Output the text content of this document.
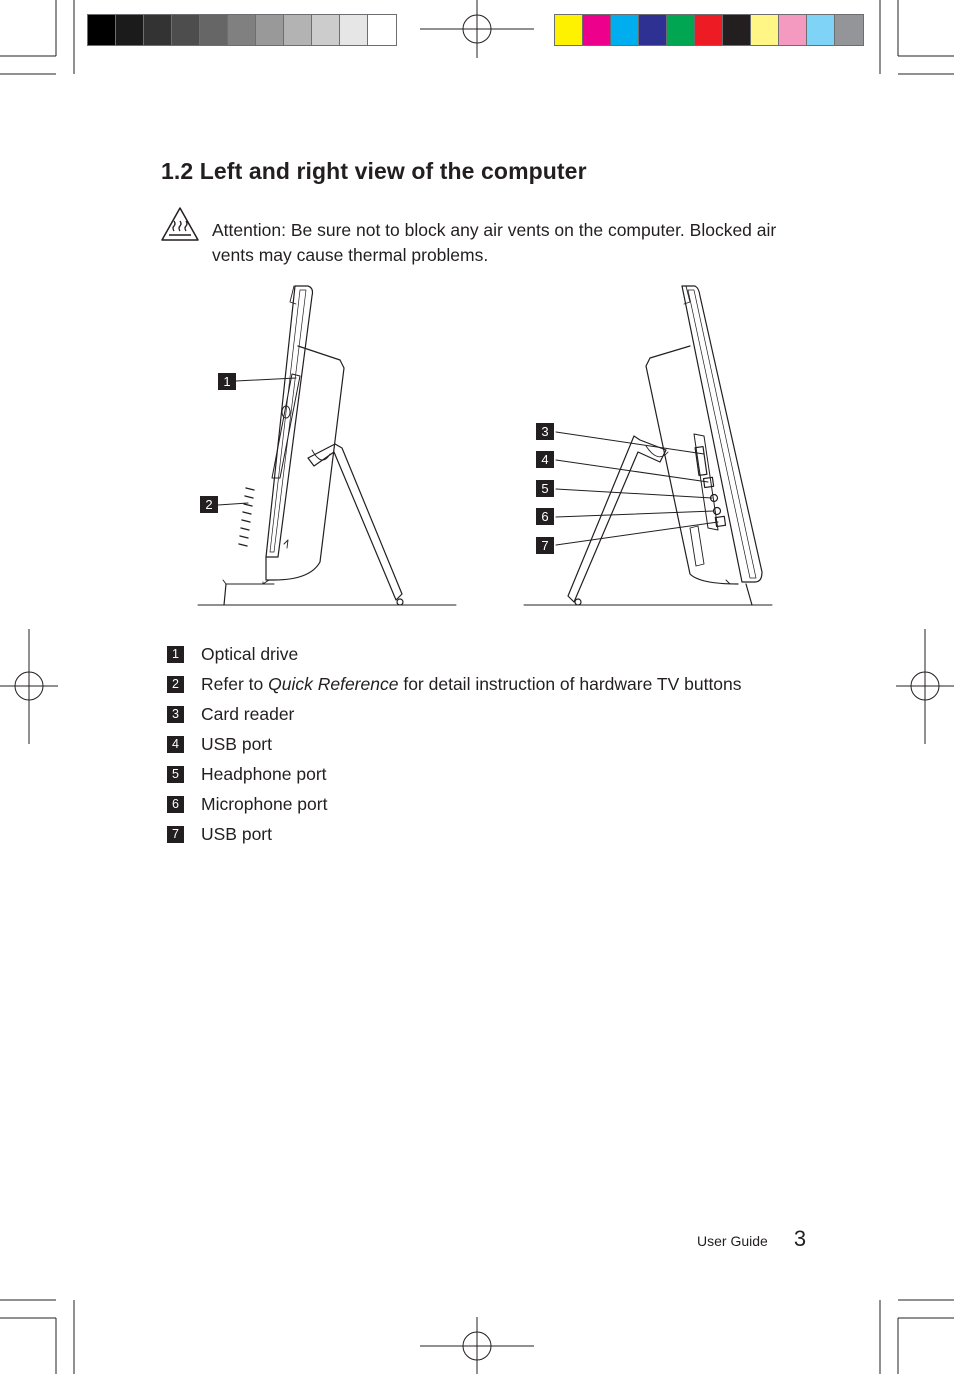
1.2 Left and right view of the computer

Attention: Be sure not to block any air vents on the computer. Blocked air vents may cause thermal problems.

1
2
3
4
5
6
7
1 Optical drive
2 Refer to Quick Reference for detail instruction of hardware TV buttons
3 Card reader
4 USB port
5 Headphone port
6 Microphone port
7 USB port
User Guide 3
